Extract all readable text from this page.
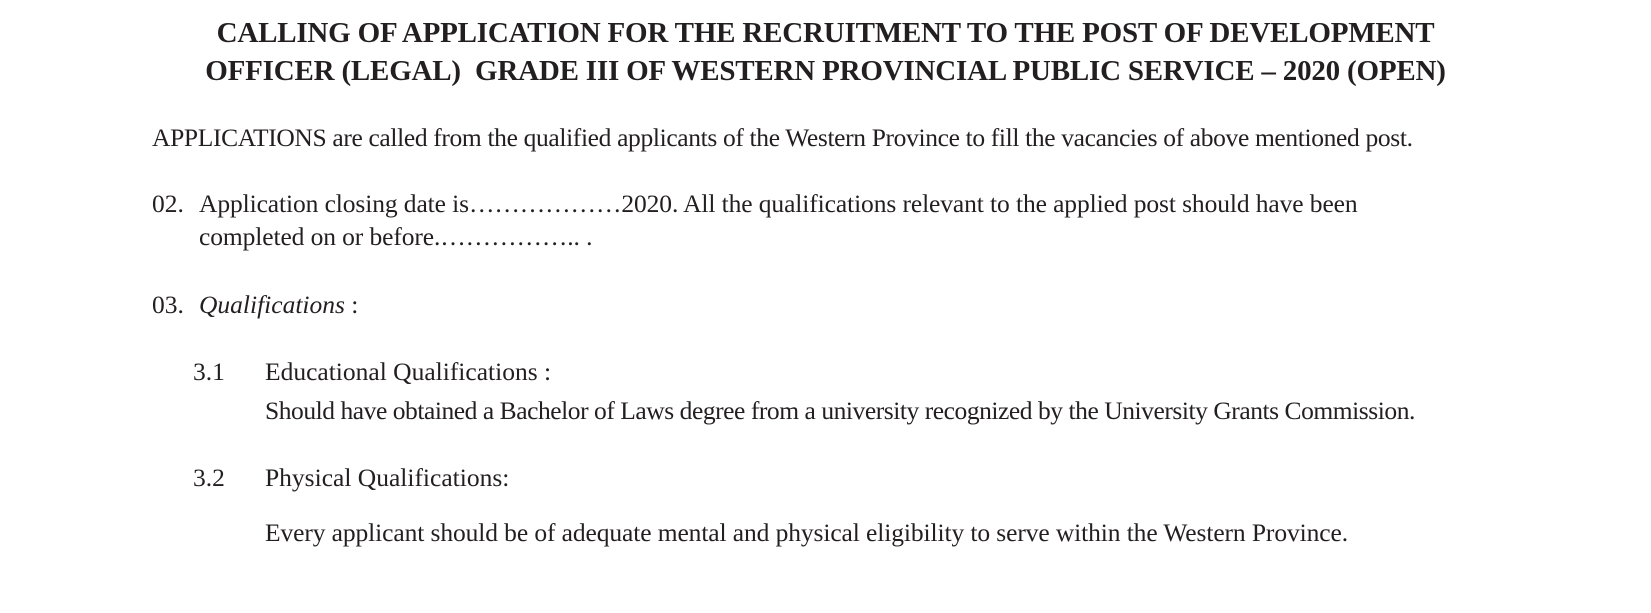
CALLING OF APPLICATION FOR THE RECRUITMENT TO THE POST OF DEVELOPMENT
OFFICER (LEGAL)  GRADE III OF WESTERN PROVINCIAL PUBLIC SERVICE – 2020 (OPEN)
APPLICATIONS are called from the qualified applicants of the Western Province to fill the vacancies of above mentioned post.
02. Application closing date is………………2020. All the qualifications relevant to the applied post should have been
completed on or before.…………….. .
03. Qualifications :
3.1 Educational Qualifications :
Should have obtained a Bachelor of Laws degree from a university recognized by the University Grants Commission.
3.2 Physical Qualifications:
Every applicant should be of adequate mental and physical eligibility to serve within the Western Province.
